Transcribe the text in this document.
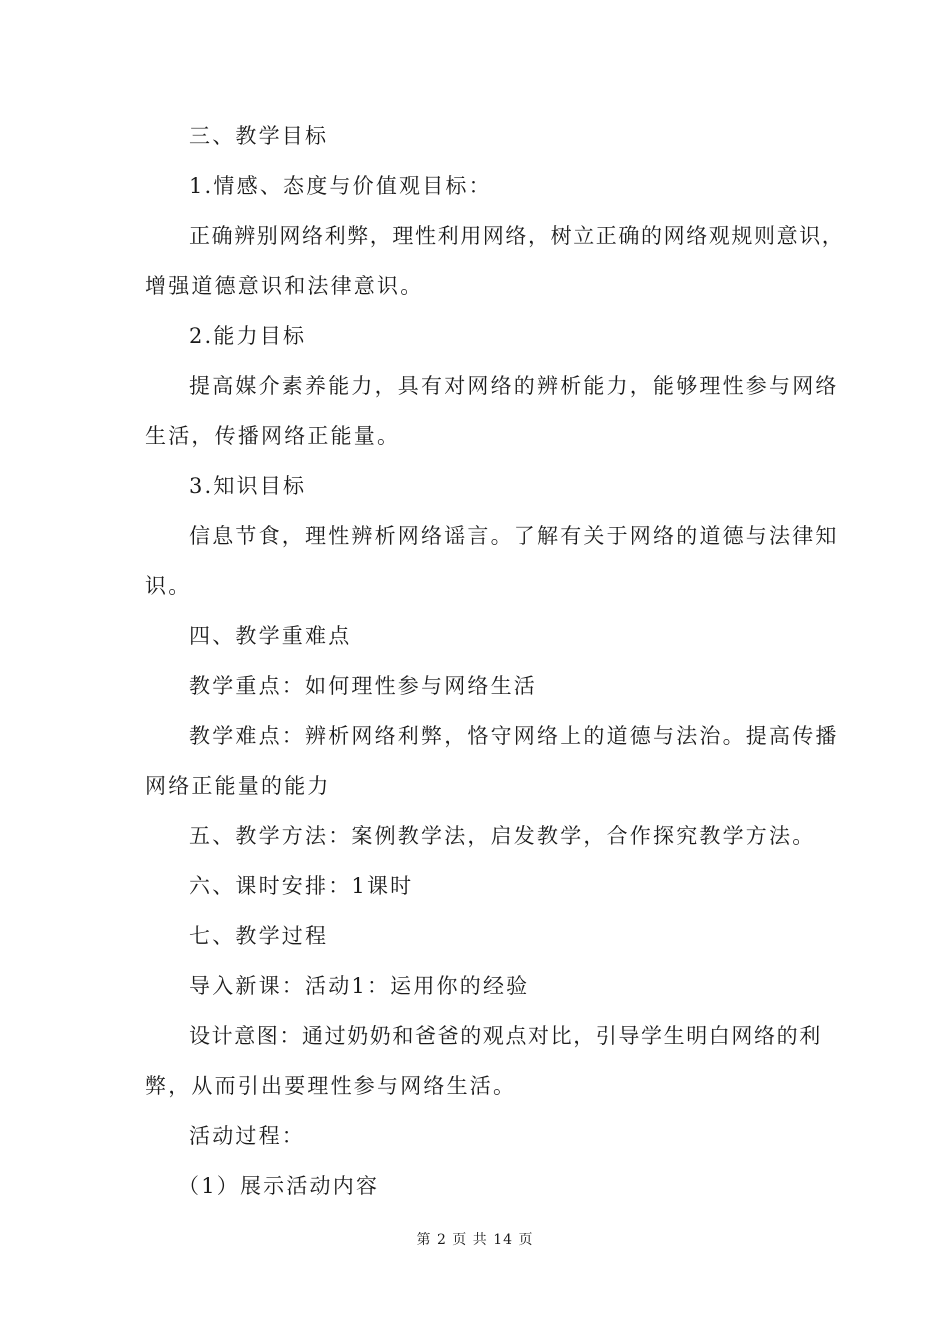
三、教学目标
1.情感、态度与价值观目标：
正确辨别网络利弊，理性利用网络，树立正确的网络观规则意识，
增强道德意识和法律意识。
2.能力目标
提高媒介素养能力，具有对网络的辨析能力，能够理性参与网络
生活，传播网络正能量。
3.知识目标
信息节食，理性辨析网络谣言。了解有关于网络的道德与法律知
识。
四、教学重难点
教学重点：如何理性参与网络生活
教学难点：辨析网络利弊，恪守网络上的道德与法治。提高传播
网络正能量的能力
五、教学方法：案例教学法，启发教学，合作探究教学方法。
六、课时安排：1课时
七、教学过程
导入新课：活动1：运用你的经验
设计意图：通过奶奶和爸爸的观点对比，引导学生明白网络的利
弊，从而引出要理性参与网络生活。
活动过程：
（1）展示活动内容
第 2 页 共 14 页
